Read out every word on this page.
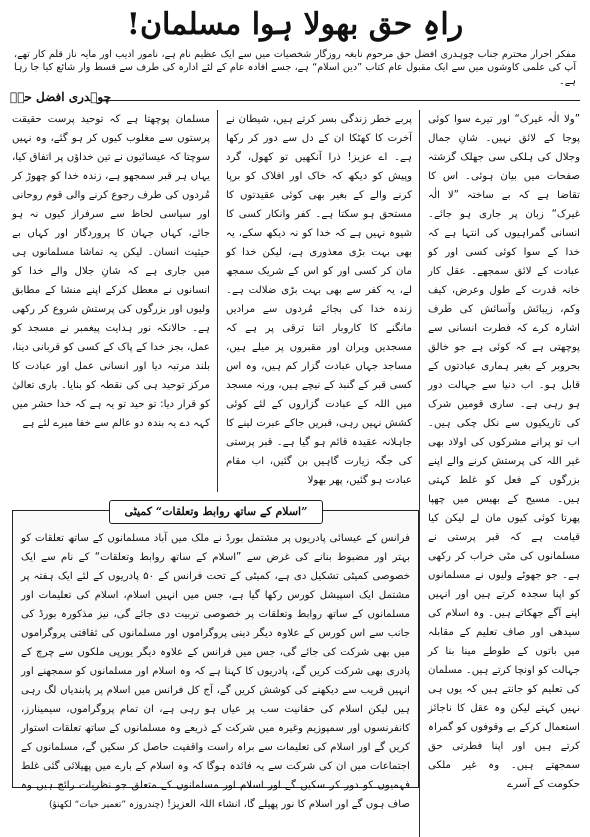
راہِ حق بھولا ہوا مسلمان!
مفکر احرار محترم جناب چوہدری افضل حق مرحوم نابغہ روزگار شخصیات میں سے ایک عظیم نام ہے، نامور ادیب اور مایہ ناز قلم کار تھے، آپ کی علمی کاوشوں میں سے ایک مقبول عام کتاب ”دین اسلام“ ہے، جسے افادہ عام کے لئے ادارہ کی طرف سے قسط وار شائع کیا جا رہا ہے۔
چوہدری افضل حقؒ

”ولا الٰہ غیرک“ اور تیرے سوا کوئی پوجا کے لائق نہیں۔ شانِ جمال وجلال کی ہلکی سی جھلک گزشتہ صفحات میں بیان ہوئی۔ اس کا تقاضا ہے کہ بے ساختہ ”لا الٰہ غیرک“ زبان پر جاری ہو جائے۔ انسانی گمراہیوں کی انتہا ہے کہ خدا کے سوا کوئی کسی اور کو عبادت کے لائق سمجھے۔ عقل کار خانہ قدرت کے طول وعرض، کیف وکم، زیبائش وآسائش کی طرف اشارہ کرے کہ فطرت انسانی سے پوچھتی ہے کہ کوئی ہے جو خالق بحروبر کے بغیر ہماری عبادتوں کے قابل ہو۔ اب دنیا سے جہالت دور ہو رہی ہے۔ ساری قومیں شرک کی تاریکیوں سے نکل چکی ہیں۔ اب تو پرانے مشرکوں کی اولاد بھی غیر اللہ کی پرستش کرنے والے اپنے بزرگوں کے فعل کو غلط کہتی ہیں۔ مسیح کے بھیس میں چھپا پھرتا کوئی کیوں مان لے لیکن کیا قیامت ہے کہ قبر پرستی نے مسلمانوں کی مٹی خراب کر رکھی ہے۔ جو جھوٹے ولیوں نے مسلمانوں کو اپنا سجدہ کرتے ہیں اور انہیں اپنے آگے جھکاتے ہیں۔ وہ اسلام کی سیدھی اور صاف تعلیم کے مقابلہ میں باتوں کے طوطے مینا بنا کر جہالت کو اونچا کرتے ہیں۔ مسلمان کی تعلیم کو جانتے ہیں کہ یوں ہی نہیں کہتے لیکن وہ عقل کا ناجائز استعمال کرکے بے وقوفوں کو گمراہ کرتے ہیں اور اپنا فطرتی حق سمجھتے ہیں۔ وہ غیر ملکی حکومت کے آسرے

پربے خطر زندگی بسر کرتے ہیں، شیطان نے آخرت کا کھٹکا ان کے دل سے دور کر رکھا ہے۔ اے عزیز! ذرا آنکھیں تو کھول، گرد وپیش کو دیکھ کہ خاک اور افلاک کو برپا کرنے والے کے بغیر بھی کوئی عقیدتوں کا مستحق ہو سکتا ہے۔ کفر وانکار کسی کا شیوہ نہیں ہے کہ خدا کو نہ دیکھ سکے، یہ بھی بہت بڑی معذوری ہے، لیکن خدا کو مان کر کسی اور کو اس کے شریک سمجھ لے، یہ کفر سے بھی بہت بڑی ضلالت ہے۔ زندہ خدا کی بجائے مُردوں سے مرادیں مانگنے کا کاروبار اتنا ترقی پر ہے کہ مسجدیں ویران اور مقبروں پر میلے ہیں، مساجد جہاں عبادت گزار کم ہیں، وہ اس کسی قبر کے گنبد کے نیچے ہیں، ورنہ مسجد میں اللہ کے عبادت گزاروں کے لئے کوئی کشش نہیں رہی، قبریں جاکے عبرت لینے کا جاہلانہ عقیدہ قائم ہو گیا ہے۔ قبر پرستی کی جگہ زیارت گاہیں بن گئیں، اب مقام عبادت ہو گئیں، پھر بھولا

مسلمان پوچھتا ہے کہ توحید پرست حقیقت پرستوں سے مغلوب کیوں کر ہو گئے، وہ نہیں سوچتا کہ عیسائیوں نے تین خداؤں پر اتفاق کیا، یہاں ہر قبر سمجھو ہے، زندہ خدا کو چھوڑ کر مُردوں کی طرف رجوع کرنے والی قوم روحانی اور سیاسی لحاظ سے سرفراز کیوں نہ ہو جائے، کہاں جہان کا پروردگار اور کہاں بے حیثیت انسان۔ لیکن یہ تماشا مسلمانوں ہی میں جاری ہے کہ شانِ جلال والے خدا کو انسانوں نے معطل کرکے اپنے منشا کے مطابق ولیوں اور بزرگوں کی پرستش شروع کر رکھی ہے۔ حالانکہ نور ہدایت پیغمبر نے مسجد کو عمل، بجز خدا کے پاک کے کسی کو قربانی دینا، بلند مرتبہ دیا اور انسانی عمل اور عبادت کا مرکز توحید ہی کی نقطہ کو بنایا۔ باری تعالیٰ کو قرار دیا: تو حید تو یہ ہے کہ خدا حشر میں کہہ دے یہ بندہ دو عالم سے خفا میرے لئے ہے

”اسلام کے ساتھ روابط وتعلقات“ کمیٹی

فرانس کے عیسائی پادریوں پر مشتمل بورڈ نے ملک میں آباد مسلمانوں کے ساتھ تعلقات کو بہتر اور مضبوط بنانے کی غرض سے ”اسلام کے ساتھ روابط وتعلقات“ کے نام سے ایک خصوصی کمیٹی تشکیل دی ہے، کمیٹی کے تحت فرانس کے ۵۰ پادریوں کے لئے ایک ہفتہ پر مشتمل ایک اسپیشل کورس رکھا گیا ہے، جس میں انہیں اسلام، اسلام کی تعلیمات اور مسلمانوں کے ساتھ روابط وتعلقات پر خصوصی تربیت دی جائے گی، نیز مذکورہ بورڈ کی جانب سے اس کورس کے علاوہ دیگر دینی پروگراموں اور مسلمانوں کی ثقافتی پروگراموں میں بھی شرکت کی جائے گی، جس میں فرانس کے علاوہ دیگر یورپی ملکوں سے چرچ کے پادری بھی شرکت کریں گے، پادریوں کا کہنا ہے کہ وہ اسلام اور مسلمانوں کو سمجھنے اور انہیں قریب سے دیکھنے کی کوشش کریں گے، آج کل فرانس میں اسلام پر پابندیاں لگ رہی ہیں لیکن اسلام کی حقانیت سب پر عیاں ہو رہی ہے، ان تمام پروگراموں، سیمینارز، کانفرنسوں اور سمپوزیم وغیرہ میں شرکت کے ذریعے وہ مسلمانوں کے ساتھ تعلقات استوار کریں گے اور اسلام کی تعلیمات سے براہ راست واقفیت حاصل کر سکیں گے، مسلمانوں کے اجتماعات میں ان کی شرکت سے یہ فائدہ ہوگا کہ وہ اسلام کے بارے میں پھیلائی گئی غلط فہمیوں کو دور کر سکیں گے اور اسلام اور مسلمانوں کے متعلق جو نظریات رائج ہیں وہ صاف ہوں گے اور اسلام کا نور پھیلے گا، انشاء اللہ العزیز! (چندروزہ ”تعمیر حیات“ لکھنؤ)
